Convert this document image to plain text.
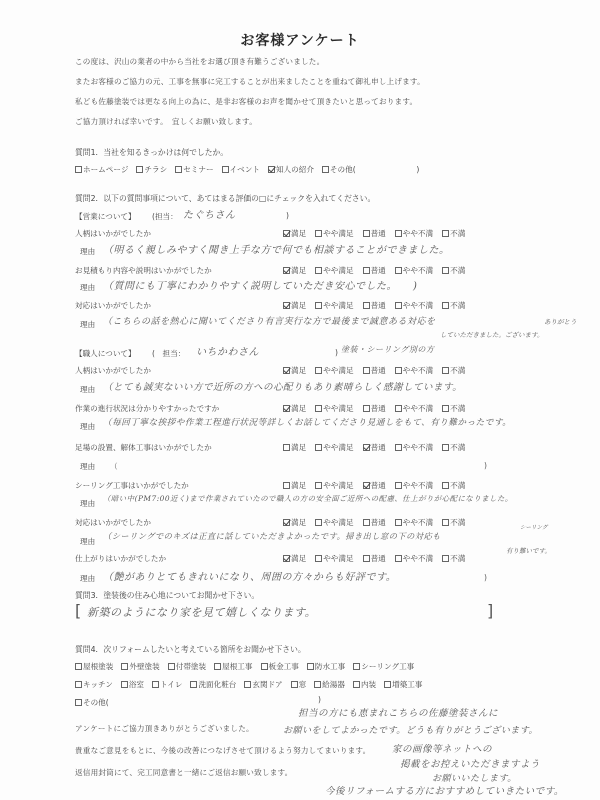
お客様アンケート
この度は、沢山の業者の中から当社をお選び頂き有難うございました。
またお客様のご協力の元、工事を無事に完工することが出来ましたことを重ねて御礼申し上げます。
私ども佐藤塗装では更なる向上の為に、是非お客様のお声を聞かせて頂きたいと思っております。
ご協力頂ければ幸いです。　宜しくお願い致します。
質問1．当社を知るきっかけは何でしたか。
ホームページ チラシ セミナー イベント 知人の紹介 その他(　　　　　　　　)
質問2．以下の質問事項について、あてはまる評価の□にチェックを入れてください。
【営業について】 (担当： たぐちさん	)
人柄はいかがでしたか	満足 やや満足 普通 やや不満 不満
理由 （明るく親しみやすく聞き上手な方で何でも相談することができました。
お見積もり内容や説明はいかがでしたか	満足 やや満足 普通 やや不満 不満
理由 （質問にも丁寧にわかりやすく説明していただき安心でした。　　)
対応はいかがでしたか	満足 やや満足 普通 やや不満 不満
理由 （こちらの話を熱心に聞いてくださり有言実行な方で最後まで誠意ある対応を	ありがとう
していただきました。ございます。
【職人について】 (　担当： いちかわさん	) 塗装・シーリング別の方
人柄はいかがでしたか	満足 やや満足 普通 やや不満 不満
理由 （とても誠実ないい方で近所の方への心配りもあり素晴らしく感謝しています。
作業の進行状況は分かりやすかったですか	満足 やや満足 普通 やや不満 不満
理由 （毎回丁寧な挨拶や作業工程進行状況等詳しくお話してくださり見通しをもて、有り難かったです。
足場の設置、解体工事はいかがでしたか	満足 やや満足 普通 やや不満 不満
理由 （	)
シーリング工事はいかがでしたか	満足 やや満足 普通 やや不満 不満
理由
（暗い中(PM7:00近く)まで作業されていたので職人の方の安全面ご近所への配慮、仕上がりが心配になりました。
対応はいかがでしたか	満足 やや満足 普通 やや不満 不満
シーリング
理由
（シーリングでのキズは正直に話していただきよかったです。掃き出し窓の下の対応も
有り難いです。
仕上がりはいかがでしたか	満足 やや満足 普通 やや不満 不満
理由 （艶がありとてもきれいになり、周囲の方々からも好評です。	)
質問3．塗装後の住み心地についてお聞かせ下さい。
[ 新築のようになり家を見て嬉しくなります。	]
質問4．次リフォームしたいと考えている箇所をお聞かせ下さい。
屋根塗装 外壁塗装 付帯塗装 屋根工事 板金工事 防水工事 シーリング工事
キッチン 浴室 トイレ 洗面化粧台 玄関ドア 窓 給湯器 内装 増築工事
その他(	)
アンケートにご協力頂きありがとうございました。
貴重なご意見をもとに、今後の改善につなげさせて頂けるよう努力してまいります。
返信用封筒にて、完工同意書と一緒にご返信お願い致します。
担当の方にも恵まれこちらの佐藤塗装さんに
お願いをしてよかったです。どうも有りがとうございます。
家の画像等ネットへの
掲載をお控えいただきますよう
お願いいたします。
今後リフォームする方におすすめしていきたいです。
